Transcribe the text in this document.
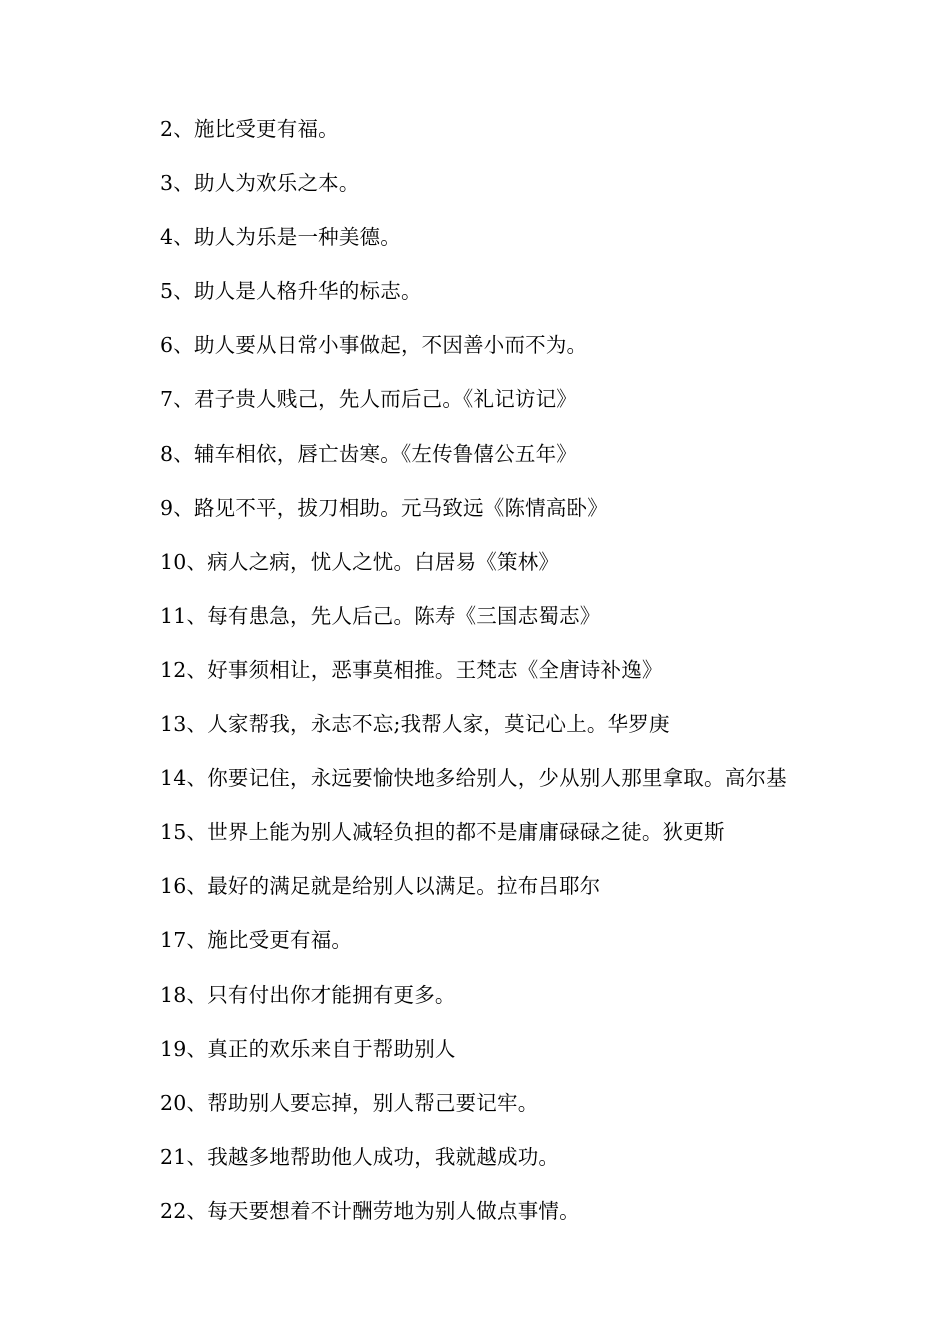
2、施比受更有福。
3、助人为欢乐之本。
4、助人为乐是一种美德。
5、助人是人格升华的标志。
6、助人要从日常小事做起，不因善小而不为。
7、君子贵人贱己，先人而后己。《礼记访记》
8、辅车相依，唇亡齿寒。《左传鲁僖公五年》
9、路见不平，拔刀相助。元马致远《陈情高卧》
10、病人之病，忧人之忧。白居易《策林》
11、每有患急，先人后己。陈寿《三国志蜀志》
12、好事须相让，恶事莫相推。王梵志《全唐诗补逸》
13、人家帮我，永志不忘;我帮人家，莫记心上。华罗庚
14、你要记住，永远要愉快地多给别人，少从别人那里拿取。高尔基
15、世界上能为别人减轻负担的都不是庸庸碌碌之徒。狄更斯
16、最好的满足就是给别人以满足。拉布吕耶尔
17、施比受更有福。
18、只有付出你才能拥有更多。
19、真正的欢乐来自于帮助别人
20、帮助别人要忘掉，别人帮己要记牢。
21、我越多地帮助他人成功，我就越成功。
22、每天要想着不计酬劳地为别人做点事情。
